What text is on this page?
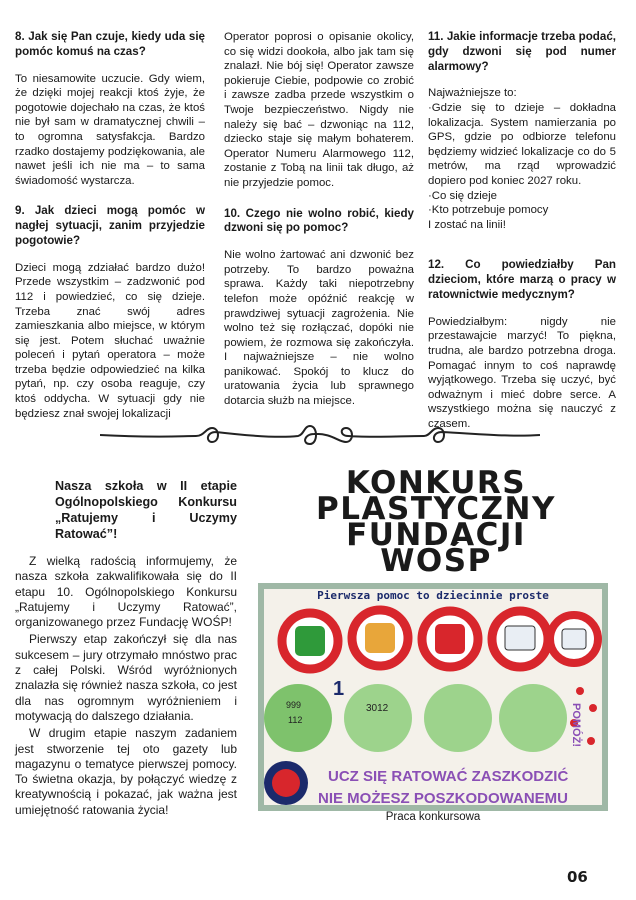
8. Jak się Pan czuje, kiedy uda się pomóc komuś na czas?

To niesamowite uczucie. Gdy wiem, że dzięki mojej reakcji ktoś żyje, że pogotowie dojechało na czas, że ktoś nie był sam w dramatycznej chwili – to ogromna satysfakcja. Bardzo rzadko dostajemy podziękowania, ale nawet jeśli ich nie ma – to sama świadomość wystarcza.

9. Jak dzieci mogą pomóc w nagłej sytuacji, zanim przyjedzie pogotowie?

Dzieci mogą zdziałać bardzo dużo! Przede wszystkim – zadzwonić pod 112 i powiedzieć, co się dzieje. Trzeba znać swój adres zamieszkania albo miejsce, w którym się jest. Potem słuchać uważnie poleceń i pytań operatora – może trzeba będzie odpowiedzieć na kilka pytań, np. czy osoba reaguje, czy ktoś oddycha. W sytuacji gdy nie będziesz znał swojej lokalizacji

Operator poprosi o opisanie okolicy, co się widzi dookoła, albo jak tam się znalazł. Nie bój się! Operator zawsze pokieruje Ciebie, podpowie co zrobić i zawsze zadba przede wszystkim o Twoje bezpieczeństwo. Nigdy nie należy się bać – dzwoniąc na 112, dziecko staje się małym bohaterem. Operator Numeru Alarmowego 112, zostanie z Tobą na linii tak długo, aż nie przyjedzie pomoc.

10. Czego nie wolno robić, kiedy dzwoni się po pomoc?

Nie wolno żartować ani dzwonić bez potrzeby. To bardzo poważna sprawa. Każdy taki niepotrzebny telefon może opóźnić reakcję w prawdziwej sytuacji zagrożenia. Nie wolno też się rozłączać, dopóki nie powiem, że rozmowa się zakończyła. I najważniejsze – nie wolno panikować. Spokój to klucz do uratowania życia lub sprawnego dotarcia służb na miejsce.

11. Jakie informacje trzeba podać, gdy dzwoni się pod numer alarmowy?

Najważniejsze to:

·Gdzie się to dzieje – dokładna lokalizacja. System namierzania po GPS, gdzie po odbiorze telefonu będziemy widzieć lokalizacje co do 5 metrów, ma rząd wprowadzić dopiero pod koniec 2027 roku.

·Co się dzieje

·Kto potrzebuje pomocy

I zostać na linii!

12. Co powiedziałby Pan dzieciom, które marzą o pracy w ratownictwie medycznym?

Powiedziałbym: nigdy nie przestawajcie marzyć! To piękna, trudna, ale bardzo potrzebna droga. Pomagać innym to coś naprawdę wyjątkowego. Trzeba się uczyć, być odważnym i mieć dobre serce. A wszystkiego można się nauczyć z czasem.

Nasza szkoła w II etapie Ogólnopolskiego Konkursu „Ratujemy i Uczymy Ratować”!

Z wielką radością informujemy, że nasza szkoła zakwalifikowała się do II etapu 10. Ogólnopolskiego Konkursu „Ratujemy i Uczymy Ratować”, organizowanego przez Fundację WOŚP!

Pierwszy etap zakończył się dla nas sukcesem – jury otrzymało mnóstwo prac z całej Polski. Wśród wyróżnionych znalazła się również nasza szkoła, co jest dla nas ogromnym wyróżnieniem i motywacją do dalszego działania.

W drugim etapie naszym zadaniem jest stworzenie tej oto gazety lub magazynu o tematyce pierwszej pomocy. To świetna okazja, by połączyć wiedzę z kreatywnością i pokazać, jak ważna jest umiejętność ratowania życia!

KONKURS
PLASTYCZNY
FUNDACJI
WOŚP
Pierwsza pomoc to dziecinnie proste
999
112
3012
1
POMÓŻ!
UCZ SIĘ RATOWAĆ ZASZKODZIĆ
NIE MOŻESZ POSZKODOWANEMU
Praca konkursowa
06
